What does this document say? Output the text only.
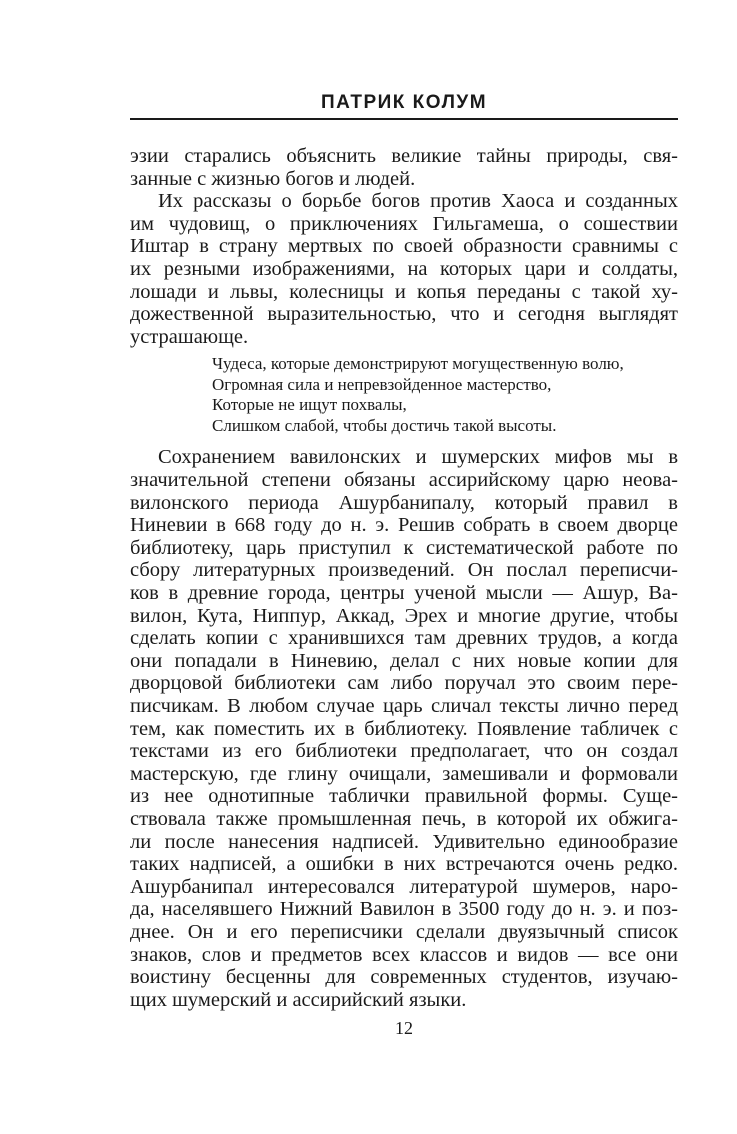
ПАТРИК КОЛУМ
эзии старались объяснить великие тайны природы, свя-
занные с жизнью богов и людей.
Их рассказы о борьбе богов против Хаоса и созданных
им чудовищ, о приключениях Гильгамеша, о сошествии
Иштар в страну мертвых по своей образности сравнимы с
их резными изображениями, на которых цари и солдаты,
лошади и львы, колесницы и копья переданы с такой ху-
дожественной выразительностью, что и сегодня выглядят
устрашающе.
Чудеса, которые демонстрируют могущественную волю,
Огромная сила и непревзойденное мастерство,
Которые не ищут похвалы,
Слишком слабой, чтобы достичь такой высоты.
Сохранением вавилонских и шумерских мифов мы в
значительной степени обязаны ассирийскому царю неова-
вилонского периода Ашурбанипалу, который правил в
Ниневии в 668 году до н. э. Решив собрать в своем дворце
библиотеку, царь приступил к систематической работе по
сбору литературных произведений. Он послал переписчи-
ков в древние города, центры ученой мысли — Ашур, Ва-
вилон, Кута, Ниппур, Аккад, Эрех и многие другие, чтобы
сделать копии с хранившихся там древних трудов, а когда
они попадали в Ниневию, делал с них новые копии для
дворцовой библиотеки сам либо поручал это своим пере-
писчикам. В любом случае царь сличал тексты лично перед
тем, как поместить их в библиотеку. Появление табличек с
текстами из его библиотеки предполагает, что он создал
мастерскую, где глину очищали, замешивали и формовали
из нее однотипные таблички правильной формы. Суще-
ствовала также промышленная печь, в которой их обжига-
ли после нанесения надписей. Удивительно единообразие
таких надписей, а ошибки в них встречаются очень редко.
Ашурбанипал интересовался литературой шумеров, наро-
да, населявшего Нижний Вавилон в 3500 году до н. э. и поз-
днее. Он и его переписчики сделали двуязычный список
знаков, слов и предметов всех классов и видов — все они
воистину бесценны для современных студентов, изучаю-
щих шумерский и ассирийский языки.
12
